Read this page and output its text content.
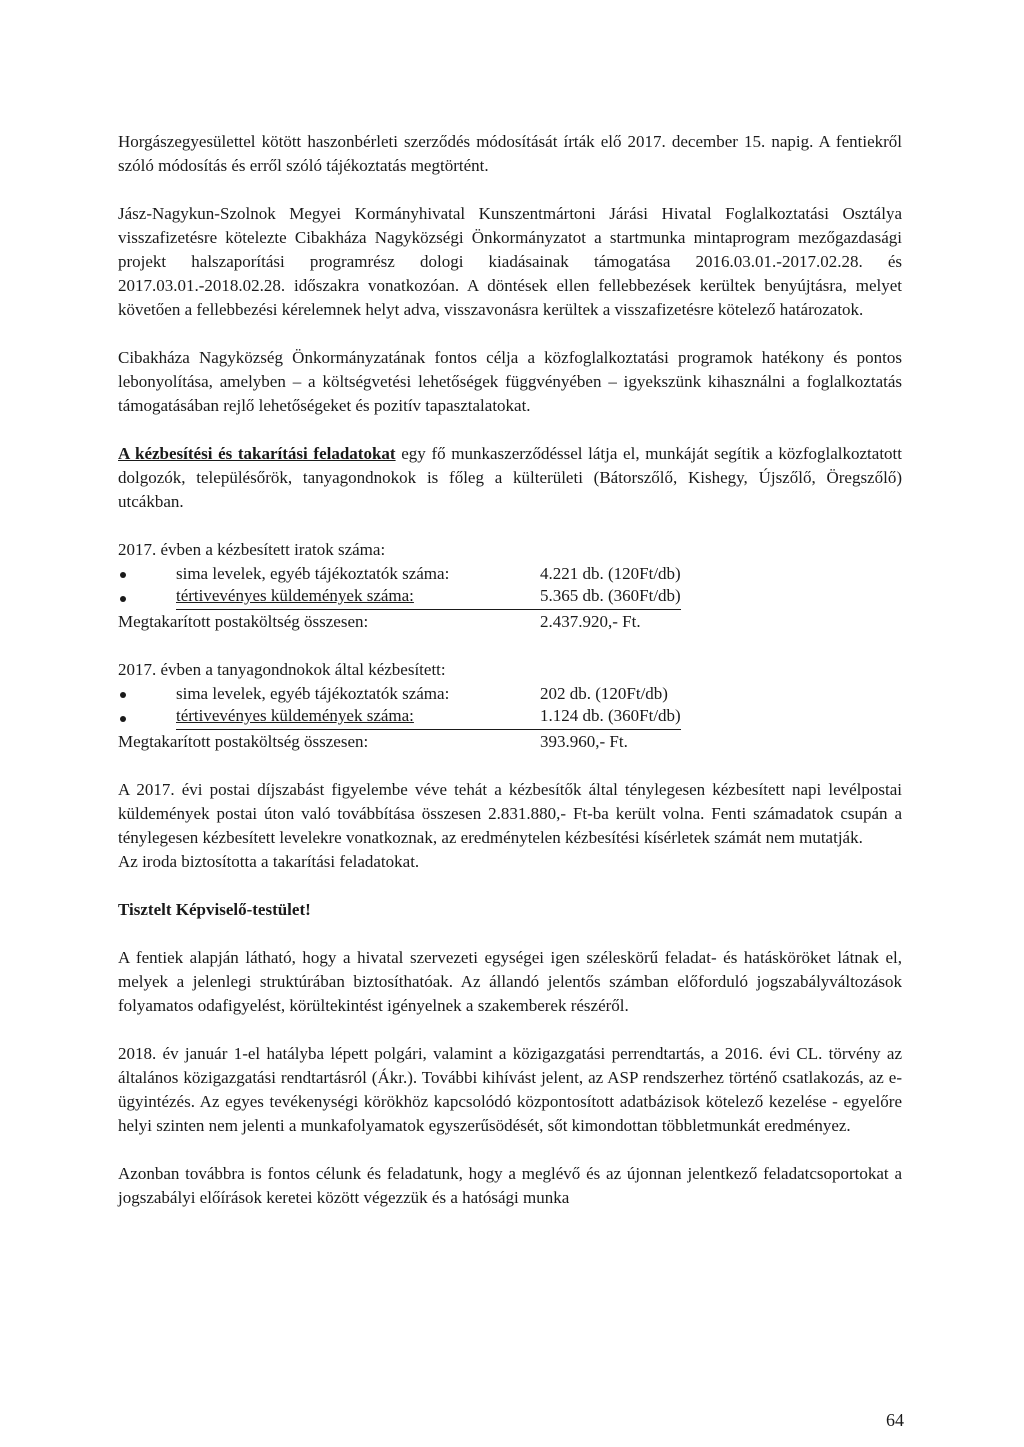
Horgászegyesülettel kötött haszonbérleti szerződés módosítását írták elő 2017. december 15. napig. A fentiekről szóló módosítás és erről szóló tájékoztatás megtörtént.

Jász-Nagykun-Szolnok Megyei Kormányhivatal Kunszentmártoni Járási Hivatal Foglalkoztatási Osztálya visszafizetésre kötelezte Cibakháza Nagyközségi Önkormányzatot a startmunka mintaprogram mezőgazdasági projekt halszaporítási programrész dologi kiadásainak támogatása 2016.03.01.-2017.02.28. és 2017.03.01.-2018.02.28. időszakra vonatkozóan. A döntések ellen fellebbezések kerültek benyújtásra, melyet követően a fellebbezési kérelemnek helyt adva, visszavonásra kerültek a visszafizetésre kötelező határozatok.

Cibakháza Nagyközség Önkormányzatának fontos célja a közfoglalkoztatási programok hatékony és pontos lebonyolítása, amelyben – a költségvetési lehetőségek függvényében – igyekszünk kihasználni a foglalkoztatás támogatásában rejlő lehetőségeket és pozitív tapasztalatokat.

A kézbesítési és takarítási feladatokat egy fő munkaszerződéssel látja el, munkáját segítik a közfoglalkoztatott dolgozók, településőrök, tanyagondnokok is főleg a külterületi (Bátorszőlő, Kishegy, Újszőlő, Öregszőlő) utcákban.

2017. évben a kézbesített iratok száma:

sima levelek, egyéb tájékoztatók száma:	4.221 db. (120Ft/db)
tértivevényes küldemények száma:	5.365 db. (360Ft/db)
Megtakarított postaköltség összesen:	2.437.920,- Ft.

2017. évben a tanyagondnokok által kézbesített:

sima levelek, egyéb tájékoztatók száma:	202 db. (120Ft/db)
tértivevényes küldemények száma:	1.124 db. (360Ft/db)
Megtakarított postaköltség összesen:	393.960,- Ft.

A 2017. évi postai díjszabást figyelembe véve tehát a kézbesítők által ténylegesen kézbesített napi levélpostai küldemények postai úton való továbbítása összesen 2.831.880,- Ft-ba került volna. Fenti számadatok csupán a ténylegesen kézbesített levelekre vonatkoznak, az eredménytelen kézbesítési kísérletek számát nem mutatják.

Az iroda biztosította a takarítási feladatokat.

Tisztelt Képviselő-testület!

A fentiek alapján látható, hogy a hivatal szervezeti egységei igen széleskörű feladat- és hatásköröket látnak el, melyek a jelenlegi struktúrában biztosíthatóak. Az állandó jelentős számban előforduló jogszabályváltozások folyamatos odafigyelést, körültekintést igényelnek a szakemberek részéről.

2018. év január 1-el hatályba lépett polgári, valamint a közigazgatási perrendtartás, a 2016. évi CL. törvény az általános közigazgatási rendtartásról (Ákr.). További kihívást jelent, az ASP rendszerhez történő csatlakozás, az e-ügyintézés. Az egyes tevékenységi körökhöz kapcsolódó központosított adatbázisok kötelező kezelése - egyelőre helyi szinten nem jelenti a munkafolyamatok egyszerűsödését, sőt kimondottan többletmunkát eredményez.

Azonban továbbra is fontos célunk és feladatunk, hogy a meglévő és az újonnan jelentkező feladatcsoportokat a jogszabályi előírások keretei között végezzük és a hatósági munka

64
